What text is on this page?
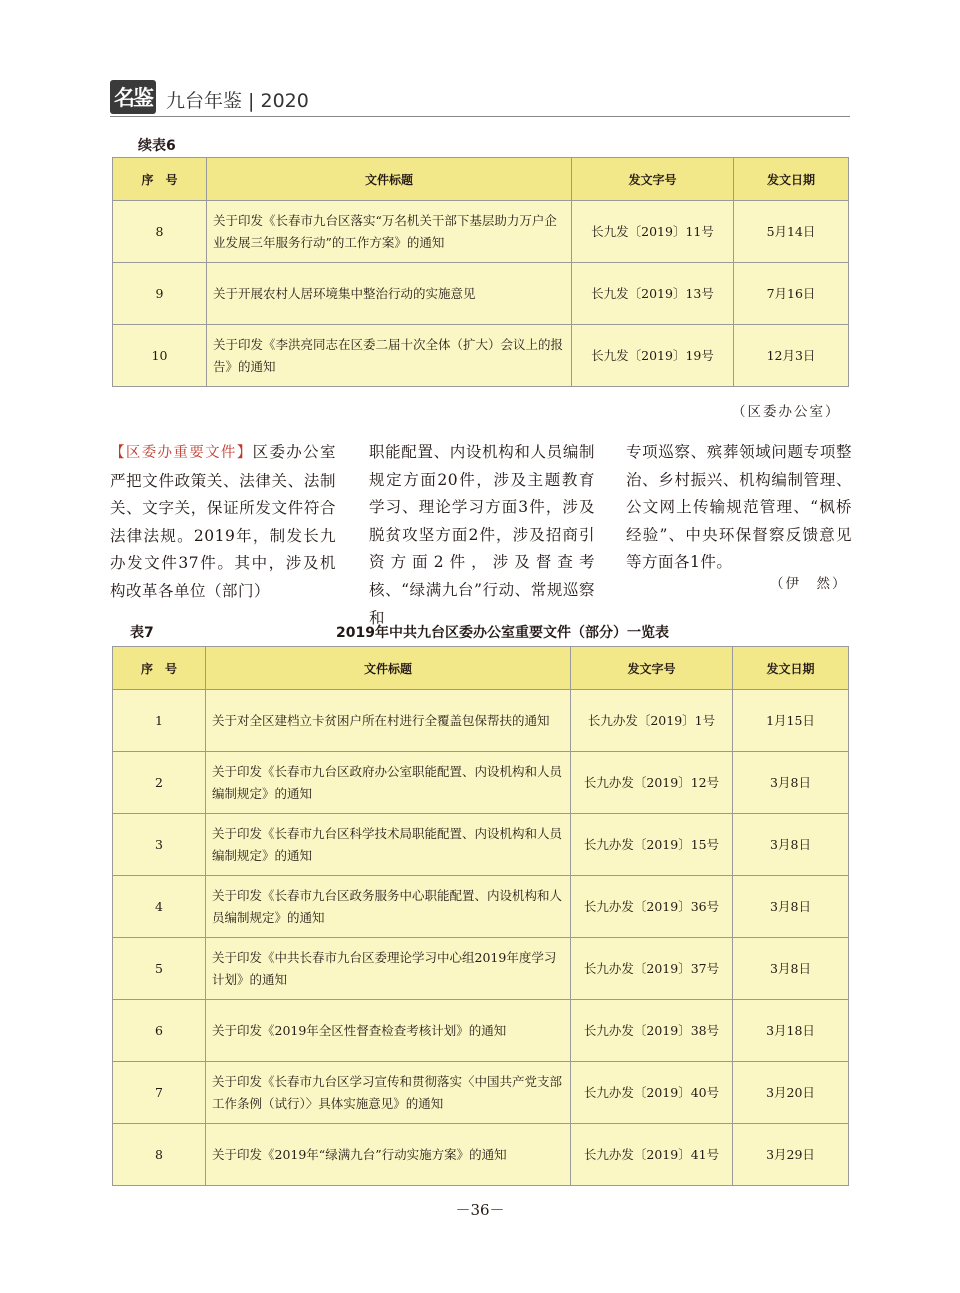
名鉴 九台年鉴 | 2020
续表6
序　号	文件标题	发文字号	发文日期
8	关于印发《长春市九台区落实“万名机关干部下基层助力万户企业发展三年服务行动”的工作方案》的通知	长九发〔2019〕11号	5月14日
9	关于开展农村人居环境集中整治行动的实施意见	长九发〔2019〕13号	7月16日
10	关于印发《李洪亮同志在区委二届十次全体（扩大）会议上的报告》的通知	长九发〔2019〕19号	12月3日
（区委办公室）
【区委办重要文件】区委办公室严把文件政策关、法律关、法制关、文字关，保证所发文件符合法律法规。2019年，制发长九办发文件37件。其中，涉及机构改革各单位（部门）
职能配置、内设机构和人员编制规定方面20件，涉及主题教育学习、理论学习方面3件，涉及脱贫攻坚方面2件，涉及招商引资方面2件，涉及督查考核、“绿满九台”行动、常规巡察和
专项巡察、殡葬领域问题专项整治、乡村振兴、机构编制管理、公文网上传输规范管理、“枫桥经验”、中央环保督察反馈意见等方面各1件。
（伊　然）
表7	2019年中共九台区委办公室重要文件（部分）一览表
序　号	文件标题	发文字号	发文日期
1	关于对全区建档立卡贫困户所在村进行全覆盖包保帮扶的通知	长九办发〔2019〕1号	1月15日
2	关于印发《长春市九台区政府办公室职能配置、内设机构和人员编制规定》的通知	长九办发〔2019〕12号	3月8日
3	关于印发《长春市九台区科学技术局职能配置、内设机构和人员编制规定》的通知	长九办发〔2019〕15号	3月8日
4	关于印发《长春市九台区政务服务中心职能配置、内设机构和人员编制规定》的通知	长九办发〔2019〕36号	3月8日
5	关于印发《中共长春市九台区委理论学习中心组2019年度学习计划》的通知	长九办发〔2019〕37号	3月8日
6	关于印发《2019年全区性督查检查考核计划》的通知	长九办发〔2019〕38号	3月18日
7	关于印发《长春市九台区学习宣传和贯彻落实〈中国共产党支部工作条例（试行）〉具体实施意见》的通知	长九办发〔2019〕40号	3月20日
8	关于印发《2019年“绿满九台”行动实施方案》的通知	长九办发〔2019〕41号	3月29日
－36－
